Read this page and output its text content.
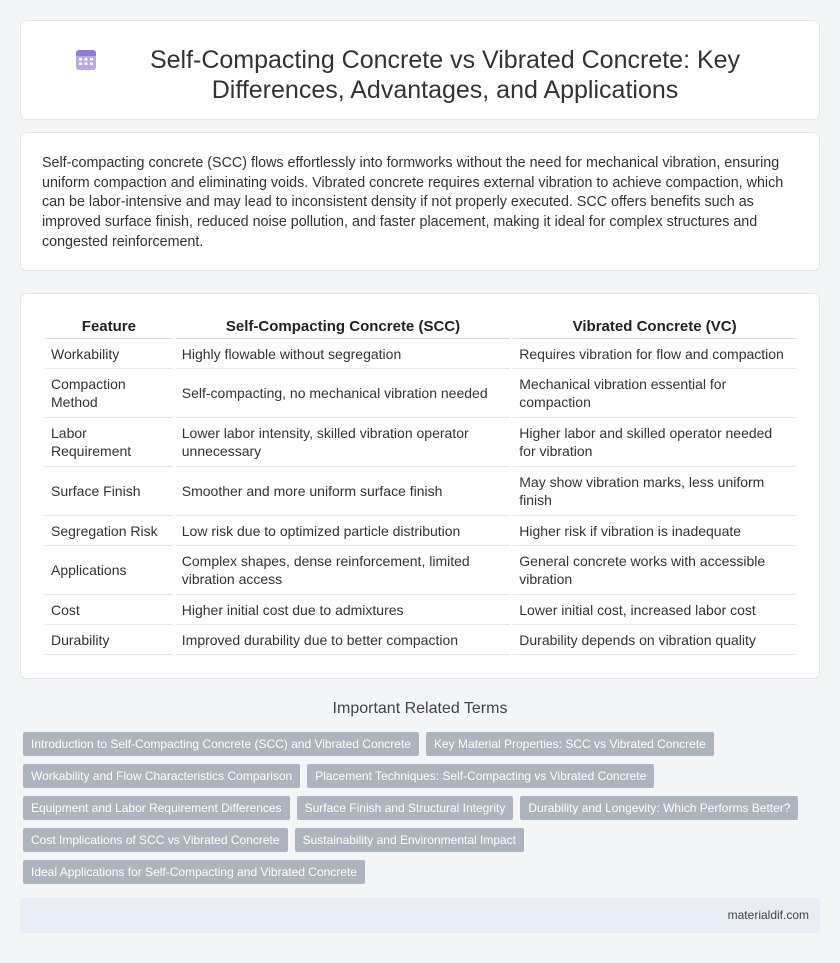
Self-Compacting Concrete vs Vibrated Concrete: Key Differences, Advantages, and Applications

Self-compacting concrete (SCC) flows effortlessly into formworks without the need for mechanical vibration, ensuring uniform compaction and eliminating voids. Vibrated concrete requires external vibration to achieve compaction, which can be labor-intensive and may lead to inconsistent density if not properly executed. SCC offers benefits such as improved surface finish, reduced noise pollution, and faster placement, making it ideal for complex structures and congested reinforcement.

Feature	Self-Compacting Concrete (SCC)	Vibrated Concrete (VC)
Workability	Highly flowable without segregation	Requires vibration for flow and compaction
Compaction Method	Self-compacting, no mechanical vibration needed	Mechanical vibration essential for compaction
Labor Requirement	Lower labor intensity, skilled vibration operator unnecessary	Higher labor and skilled operator needed for vibration
Surface Finish	Smoother and more uniform surface finish	May show vibration marks, less uniform finish
Segregation Risk	Low risk due to optimized particle distribution	Higher risk if vibration is inadequate
Applications	Complex shapes, dense reinforcement, limited vibration access	General concrete works with accessible vibration
Cost	Higher initial cost due to admixtures	Lower initial cost, increased labor cost
Durability	Improved durability due to better compaction	Durability depends on vibration quality
Important Related Terms
Introduction to Self-Compacting Concrete (SCC) and Vibrated Concrete	Key Material Properties: SCC vs Vibrated Concrete
Workability and Flow Characteristics Comparison	Placement Techniques: Self-Compacting vs Vibrated Concrete
Equipment and Labor Requirement Differences	Surface Finish and Structural Integrity	Durability and Longevity: Which Performs Better?
Cost Implications of SCC vs Vibrated Concrete	Sustainability and Environmental Impact
Ideal Applications for Self-Compacting and Vibrated Concrete
materialdif.com
